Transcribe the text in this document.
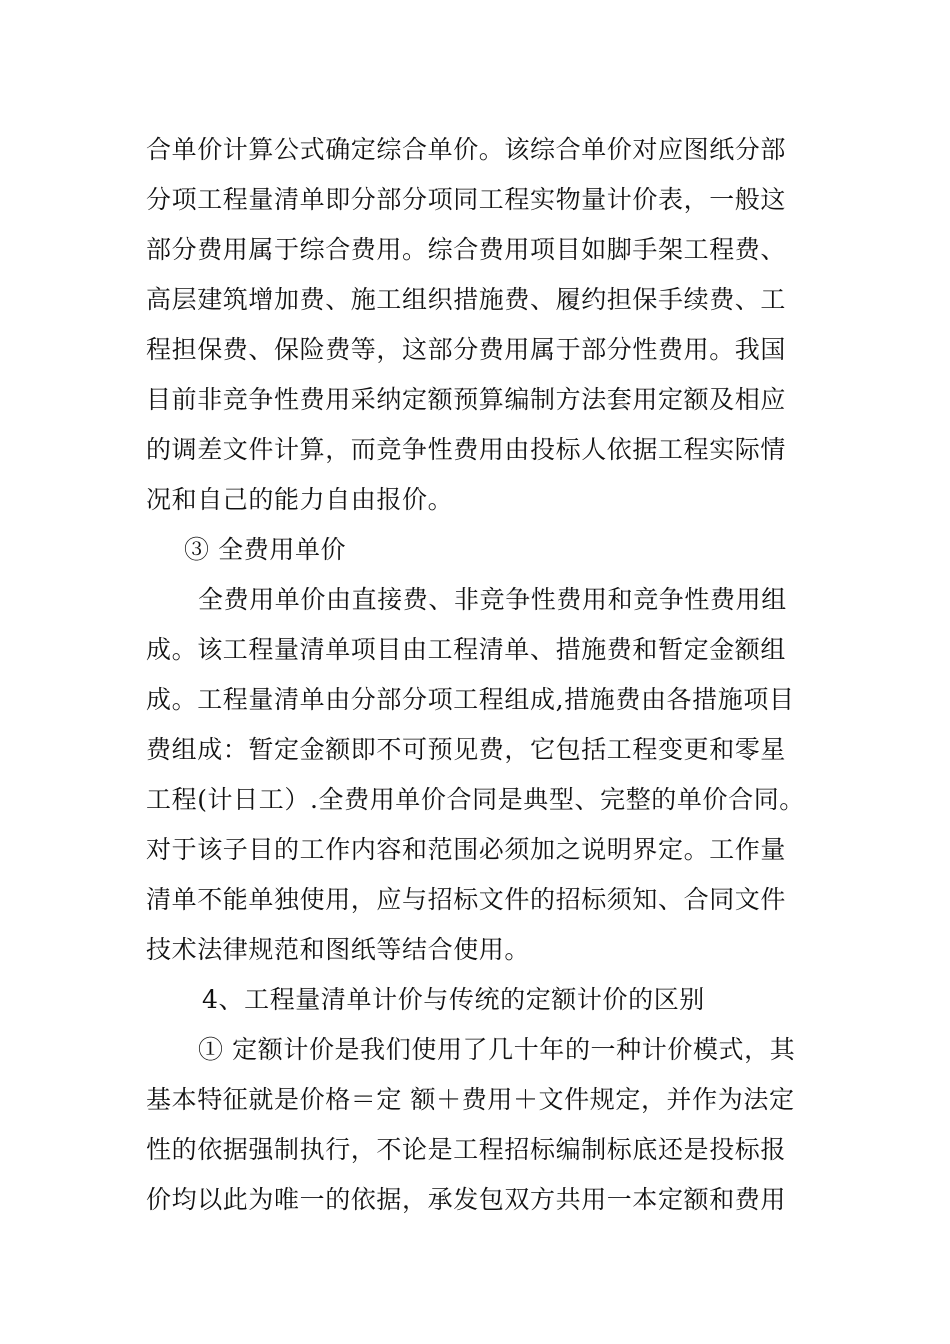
合单价计算公式确定综合单价。该综合单价对应图纸分部
分项工程量清单即分部分项同工程实物量计价表，一般这
部分费用属于综合费用。综合费用项目如脚手架工程费、
高层建筑增加费、施工组织措施费、履约担保手续费、工
程担保费、保险费等，这部分费用属于部分性费用。我国
目前非竞争性费用采纳定额预算编制方法套用定额及相应
的调差文件计算，而竞争性费用由投标人依据工程实际情
况和自己的能力自由报价。
③ 全费用单价
全费用单价由直接费、非竞争性费用和竞争性费用组
成。该工程量清单项目由工程清单、措施费和暂定金额组
成。工程量清单由分部分项工程组成,措施费由各措施项目
费组成：暂定金额即不可预见费，它包括工程变更和零星
工程(计日工）.全费用单价合同是典型、完整的单价合同。
对于该子目的工作内容和范围必须加之说明界定。工作量
清单不能单独使用，应与招标文件的招标须知、合同文件
技术法律规范和图纸等结合使用。
4、工程量清单计价与传统的定额计价的区别
① 定额计价是我们使用了几十年的一种计价模式，其
基本特征就是价格＝定 额＋费用＋文件规定，并作为法定
性的依据强制执行，不论是工程招标编制标底还是投标报
价均以此为唯一的依据，承发包双方共用一本定额和费用
